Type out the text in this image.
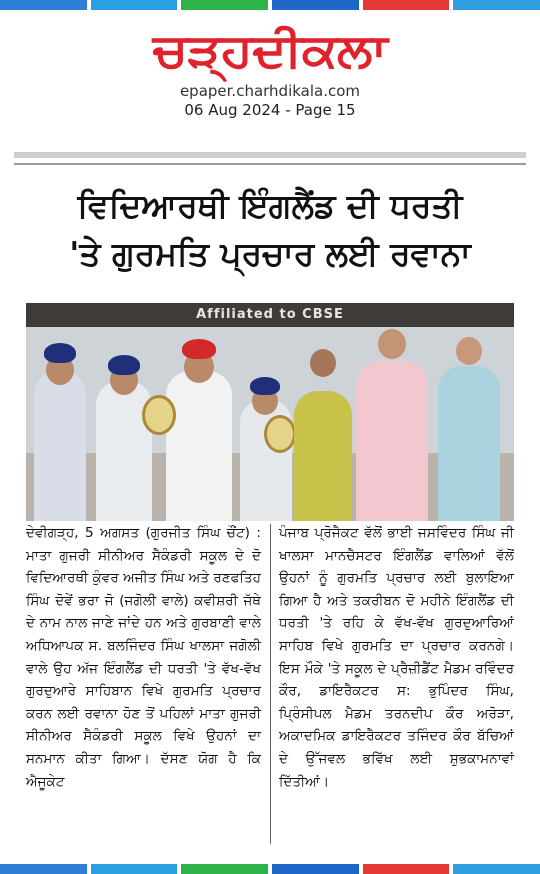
ਚੜ੍ਹਦੀਕਲਾ
epaper.charhdikala.com
06 Aug 2024 - Page 15
ਵਿਦਿਆਰਥੀ ਇੰਗਲੈਂਡ ਦੀ ਧਰਤੀ
'ਤੇ ਗੁਰਮਤਿ ਪ੍ਰਚਾਰ ਲਈ ਰਵਾਨਾ
Affiliated to CBSE
ਦੇਵੀਗੜ੍ਹ, 5 ਅਗਸਤ (ਗੁਰਜੀਤ ਸਿੰਘ ਚੌਂਟ) : ਮਾਤਾ ਗੁਜਰੀ ਸੀਨੀਅਰ ਸੈਕੰਡਰੀ ਸਕੂਲ ਦੇ ਦੋ ਵਿਦਿਆਰਥੀ ਕੁੰਵਰ ਅਜੀਤ ਸਿੰਘ ਅਤੇ ਰਣਫਤਿਹ ਸਿੰਘ ਦੋਵੇਂ ਭਰਾ ਜੋ (ਜਗੋਲੀ ਵਾਲੇ) ਕਵੀਸ਼ਰੀ ਜੱਥੇ ਦੇ ਨਾਮ ਨਾਲ ਜਾਣੇ ਜਾਂਦੇ ਹਨ ਅਤੇ ਗੁਰਬਾਣੀ ਵਾਲੇ ਅਧਿਆਪਕ ਸ. ਬਲਜਿੰਦਰ ਸਿੰਘ ਖਾਲਸਾ ਜਗੋਲੀ ਵਾਲੇ ਉਹ ਅੱਜ ਇੰਗਲੈਂਡ ਦੀ ਧਰਤੀ 'ਤੇ ਵੱਖ-ਵੱਖ ਗੁਰਦੁਆਰੇ ਸਾਹਿਬਾਨ ਵਿਖੇ ਗੁਰਮਤਿ ਪ੍ਰਚਾਰ ਕਰਨ ਲਈ ਰਵਾਨਾ ਹੋਣ ਤੋਂ ਪਹਿਲਾਂ ਮਾਤਾ ਗੁਜਰੀ ਸੀਨੀਅਰ ਸੈਕੰਡਰੀ ਸਕੂਲ ਵਿਖੇ ਉਹਨਾਂ ਦਾ ਸਨਮਾਨ ਕੀਤਾ ਗਿਆ। ਦੱਸਣ ਯੋਗ ਹੈ ਕਿ ਐਜੂਕੇਟ
ਪੰਜਾਬ ਪ੍ਰੋਜੈਕਟ ਵੱਲੋਂ ਭਾਈ ਜਸਵਿੰਦਰ ਸਿੰਘ ਜੀ ਖਾਲਸਾ ਮਾਨਚੈਸਟਰ ਇੰਗਲੈਂਡ ਵਾਲਿਆਂ ਵੱਲੋਂ ਉਹਨਾਂ ਨੂੰ ਗੁਰਮਤਿ ਪ੍ਰਚਾਰ ਲਈ ਬੁਲਾਇਆ ਗਿਆ ਹੈ ਅਤੇ ਤਕਰੀਬਨ ਦੋ ਮਹੀਨੇ ਇੰਗਲੈਂਡ ਦੀ ਧਰਤੀ 'ਤੇ ਰਹਿ ਕੇ ਵੱਖ-ਵੱਖ ਗੁਰਦੁਆਰਿਆਂ ਸਾਹਿਬ ਵਿਖੇ ਗੁਰਮਤਿ ਦਾ ਪ੍ਰਚਾਰ ਕਰਨਗੇ। ਇਸ ਮੌਕੇ 'ਤੇ ਸਕੂਲ ਦੇ ਪ੍ਰੈਜ਼ੀਡੈਂਟ ਮੈਡਮ ਰਵਿੰਦਰ ਕੌਰ, ਡਾਇਰੈਕਟਰ ਸ: ਭੁਪਿੰਦਰ ਸਿੰਘ, ਪ੍ਰਿੰਸੀਪਲ ਮੈਡਮ ਤਰਨਦੀਪ ਕੌਰ ਅਰੋੜਾ, ਅਕਾਦਮਿਕ ਡਾਇਰੈਕਟਰ ਤਜਿੰਦਰ ਕੌਰ ਬੱਚਿਆਂ ਦੇ ਉੱਜਵਲ ਭਵਿੱਖ ਲਈ ਸ਼ੁਭਕਾਮਨਾਵਾਂ ਦਿੱਤੀਆਂ।
